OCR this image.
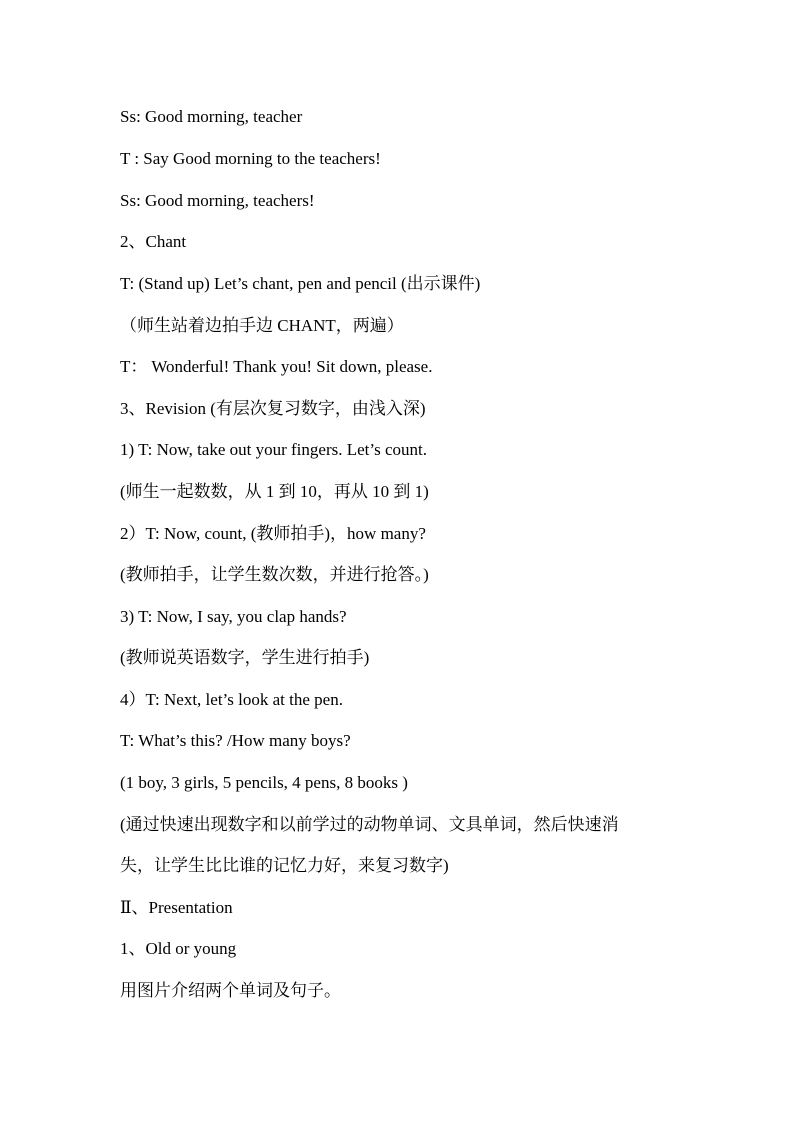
Ss: Good morning, teacher
T : Say Good morning to the teachers!
Ss: Good morning, teachers!
2、Chant
T: (Stand up) Let’s chant, pen and pencil (出示课件)
（师生站着边拍手边 CHANT，两遍）
T： Wonderful! Thank you! Sit down, please.
3、Revision (有层次复习数字，由浅入深)
1) T: Now, take out your fingers. Let’s count.
(师生一起数数，从 1 到 10，再从 10 到 1)
2）T: Now, count, (教师拍手)，how many?
(教师拍手，让学生数次数，并进行抢答。)
3) T: Now, I say, you clap hands?
(教师说英语数字，学生进行拍手)
4）T: Next, let’s look at the pen.
T: What’s this? /How many boys?
(1 boy, 3 girls, 5 pencils, 4 pens, 8 books )
(通过快速出现数字和以前学过的动物单词、文具单词，然后快速消
失，让学生比比谁的记忆力好，来复习数字)
Ⅱ、Presentation
1、Old or young
用图片介绍两个单词及句子。
